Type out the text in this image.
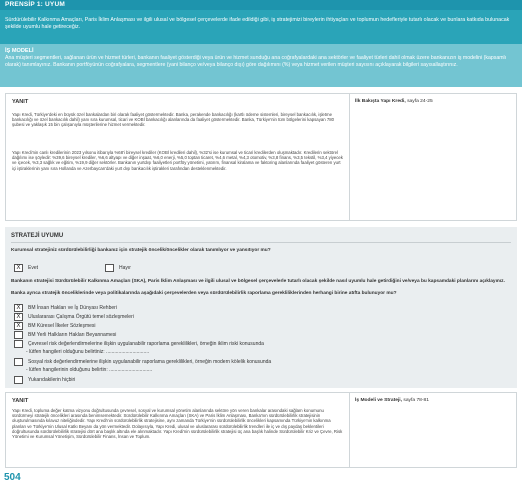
PRENSİP 1: UYUM
Sürdürülebilir Kalkınma Amaçları, Paris İklim Anlaşması ve ilgili ulusal ve bölgesel çerçevelerde ifade edildiği gibi, iş stratejimizi bireylerin ihtiyaçları ve toplumun hedefleriyle tutarlı olacak ve bunlara katkıda bulunacak şekilde uyumlu hale getireceğiz.
İŞ MODELİ
Ana müşteri segmentleri, sağlanan ürün ve hizmet türleri, bankanın faaliyet gösterdiği veya ürün ve hizmet sunduğu ana coğrafyalardaki ana sektörler ve faaliyet türleri dahil olmak üzere bankanızın iş modelini (kapsamlı olarak) tanımlayınız. Bankanın portföyünün coğrafyalara, segmentlere (yani bilanço ve/veya bilanço dışı) göre dağılımını (%) veya hizmet verilen müşteri sayısını açıklayarak bilgileri sayısallaştırınız.
YANIT	İlk Bakışta Yapı Kredi, sayfa 24-25
Yapı Kredi, Türkiye'deki en büyük özel bankalardan biri olarak faaliyet göstermektedir. Banka, perakende bankacılığı (kartlı ödeme sistemleri, bireysel bankacılık, işletme bankacılığı ve özel bankacılık dahil) yanı sıra kurumsal, ticari ve KOBİ bankacılığı alanlarında da faaliyet göstermektedir. Banka, Türkiye'nin tüm bölgelerini kapsayan 780 şubesi ve yaklaşık 15 bin çalışanıyla müşterilerine hizmet vermektedir.
Yapı Kredi'nin canlı kredilerinin 2023 yılsonu itibarıyla %68'i bireysel krediler (KOBİ kredileri dahil), %32'si ise kurumsal ve ticari kredilerden oluşmaktadır. Kredilerin sektörel dağılımı ise şöyledir: %39,6 bireysel krediler, %6,6 altyapı ve diğer inşaat, %6,0 enerji, %5,0 toptan ticaret, %4,6 metal, %4,3 otomotiv, %3,8 finans, %3,5 tekstil, %3,4 yiyecek ve içecek, %3,3 sağlık ve eğitim, %19,9 diğer sektörler. Bankanın yurtdışı faaliyetleri portföy yönetimi, yatırım, finansal kiralama ve faktoring alanlarında faaliyet gösteren yurt içi iştiraklerinin yanı sıra Hollanda ve Azerbaycan'daki yurt dışı bankacılık iştirakleri tarafından desteklenmektedir.
STRATEJİ UYUMU
Kurumsal stratejiniz sürdürülebilirliği bankanız için stratejik öncelik/öncelikler olarak tanımlıyor ve yansıtıyor mu?
X	Evet	Hayır
Bankanın stratejisi Sürdürülebilir Kalkınma Amaçları (SKA), Paris İklim Anlaşması ve ilgili ulusal ve bölgesel çerçevelerle tutarlı olacak şekilde nasıl uyumlu hale getirdiğini ve/veya bu kapsamdaki planlarını açıklayınız.
Banka ayrıca stratejik önceliklerinde veya politikalarında aşağıdaki çerçevelerden veya sürdürülebilirlik raporlama gerekliliklerinden herhangi birine atıfta bulunuyor mu?
X	BM İnsan Hakları ve İş Dünyası Rehberi
X	Uluslararası Çalışma Örgütü temel sözleşmeleri
X	BM Küresel İlkeler Sözleşmesi
BM Yerli Halkların Hakları Beyannamesi
Çevresel risk değerlendirmelerine ilişkin uygulanabilir raporlama gereklilikleri, örneğin iklim riski konusunda
- lütfen hangileri olduğunu belirtiniz: ...............................
Sosyal risk değerlendirmelerine ilişkin uygulanabilir raporlama gereklilikleri, örneğin modern kölelik konusunda
- lütfen hangilerinin olduğunu belirtin: ...............................
Yukarıdakilerin hiçbiri
YANIT	İş Modeli ve Strateji, sayfa 78-81
Yapı Kredi, topluma değer katma vizyonu doğrultusunda çevresel, sosyal ve kurumsal yönetim alanlarında sektöre yön veren bankalar arasındaki sağlam konumunu sürdürmeyi stratejik öncelikleri arasında benimsemektedir. Sürdürülebilir Kalkınma Amaçları (SKA) ve Paris İklim Anlaşması, Banka'nın sürdürülebilirlik stratejisinin oluşturulmasında kılavuz niteliğindedir. Yapı Kredi'nin sürdürülebilirlik stratejisine, aynı zamanda Türkiye'nin sürdürülebilirlik öncelikleri kapsamında Türkiye'nin kalkınma planları ve Türkiye'nin Ulusal Katkı Beyanı da yön vermektedir. Dolayısıyla, Yapı Kredi, ulusal ve uluslararası sürdürülebilirlik trendleri ile iç ve dış paydaş beklentileri doğrultusunda sürdürülebilirlik stratejisi dört ana başlık altında ele alınmaktadır. Yapı Kredi'nin sürdürülebilirlik stratejisi üç ana başlık halinde Sürdürülebilir Kriz ve Çevre, Risk Yönetimi ve Kurumsal Yönetişim, Sürdürülebilir Finans, İnsan ve Toplum.
504
